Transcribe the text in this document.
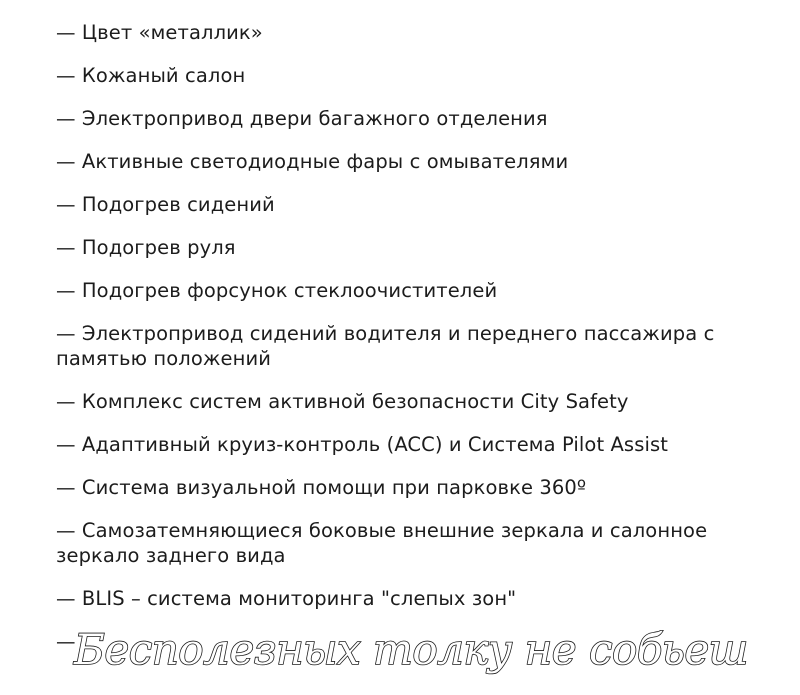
— Цвет «металлик»
— Кожаный салон
— Электропривод двери багажного отделения
— Активные светодиодные фары с омывателями
— Подогрев сидений
— Подогрев руля
— Подогрев форсунок стеклоочистителей
— Электропривод сидений водителя и переднего пассажира с памятью положений
— Комплекс систем активной безопасности City Safety
— Адаптивный круиз-контроль (ACC) и Система Pilot Assist
— Система визуальной помощи при парковке 360º
— Самозатемняющиеся боковые внешние зеркала и салонное зеркало заднего вида
— BLIS – система мониторинга "слепых зон"
—
Бесполезных толку не собьеш
